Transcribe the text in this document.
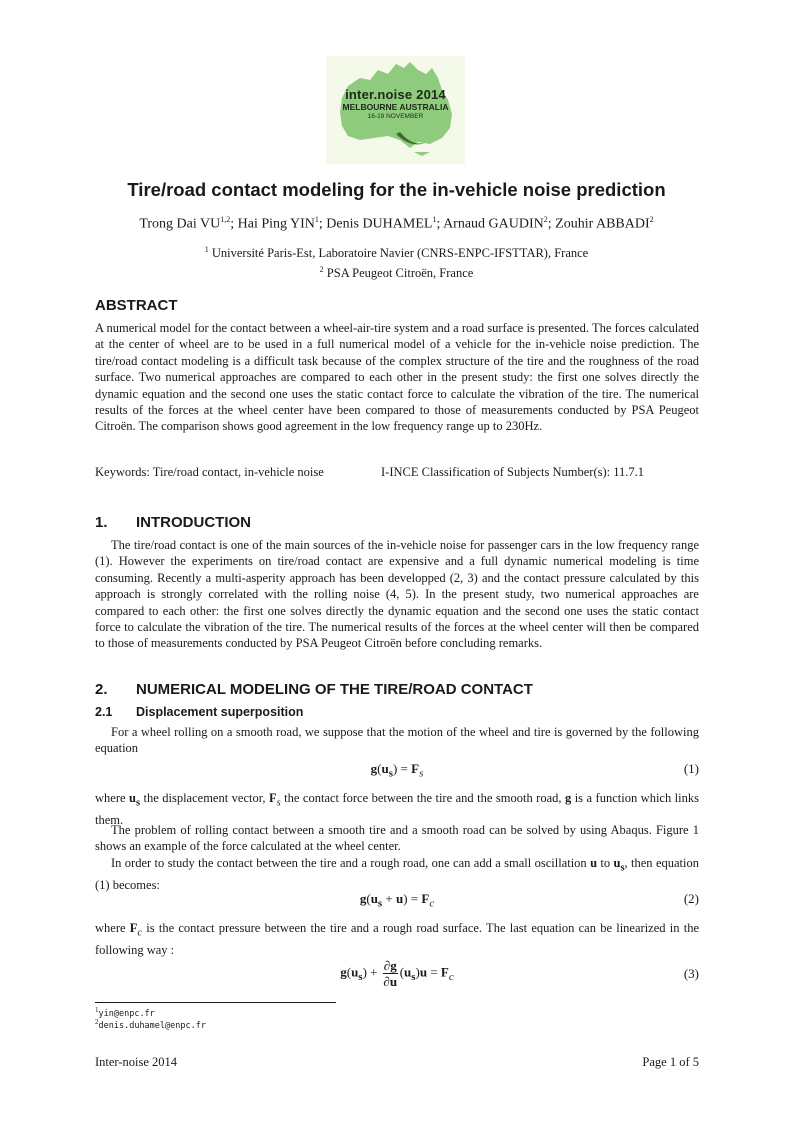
inter.noise 2014
MELBOURNE AUSTRALIA
16-19 NOVEMBER
Tire/road contact modeling for the in-vehicle noise prediction
Trong Dai VU$^{1,2}$; Hai Ping YIN$^1$; Denis DUHAMEL$^1$; Arnaud GAUDIN$^2$; Zouhir ABBADI$^2$
$^1$ Université Paris-Est, Laboratoire Navier (CNRS-ENPC-IFSTTAR), France
$^2$ PSA Peugeot Citroën, France
ABSTRACT

A numerical model for the contact between a wheel-air-tire system and a road surface is presented. The forces calculated at the center of wheel are to be used in a full numerical model of a vehicle for the in-vehicle noise prediction. The tire/road contact modeling is a difficult task because of the complex structure of the tire and the roughness of the road surface. Two numerical approaches are compared to each other in the present study: the first one solves directly the dynamic equation and the second one uses the static contact force to calculate the vibration of the tire. The numerical results of the forces at the wheel center have been compared to those of measurements conducted by PSA Peugeot Citroën. The comparison shows good agreement in the low frequency range up to 230Hz.

Keywords: Tire/road contact, in-vehicle noise	I-INCE Classification of Subjects Number(s): 11.7.1
1. INTRODUCTION

The tire/road contact is one of the main sources of the in-vehicle noise for passenger cars in the low frequency range (1). However the experiments on tire/road contact are expensive and a full dynamic numerical modeling is time consuming. Recently a multi-asperity approach has been developped (2, 3) and the contact pressure calculated by this approach is strongly correlated with the rolling noise (4, 5). In the present study, two numerical approaches are compared to each other: the first one solves directly the dynamic equation and the second one uses the static contact force to calculate the vibration of the tire. The numerical results of the forces at the wheel center will then be compared to those of measurements conducted by PSA Peugeot Citroën before concluding remarks.

2. NUMERICAL MODELING OF THE TIRE/ROAD CONTACT
2.1 Displacement superposition

For a wheel rolling on a smooth road, we suppose that the motion of the wheel and tire is governed by the following equation

$g(u_s) = F_s$	(1)

where $u_s$ the displacement vector, $F_s$ the contact force between the tire and the smooth road, g is a function which links them.

The problem of rolling contact between a smooth tire and a smooth road can be solved by using Abaqus. Figure 1 shows an example of the force calculated at the wheel center.

In order to study the contact between the tire and a rough road, one can add a small oscillation u to $u_s$, then equation (1) becomes:

$g(u_s + u) = F_c$	(2)

where $F_c$ is the contact pressure between the tire and a rough road surface. The last equation can be linearized in the following way :

$g(u_s) + \frac{\partial g}{\partial u} (u_s)u = F_c$	(3)
$^1$yin@enpc.fr
$^2$denis.duhamel@enpc.fr
Inter-noise 2014	Page 1 of 5
